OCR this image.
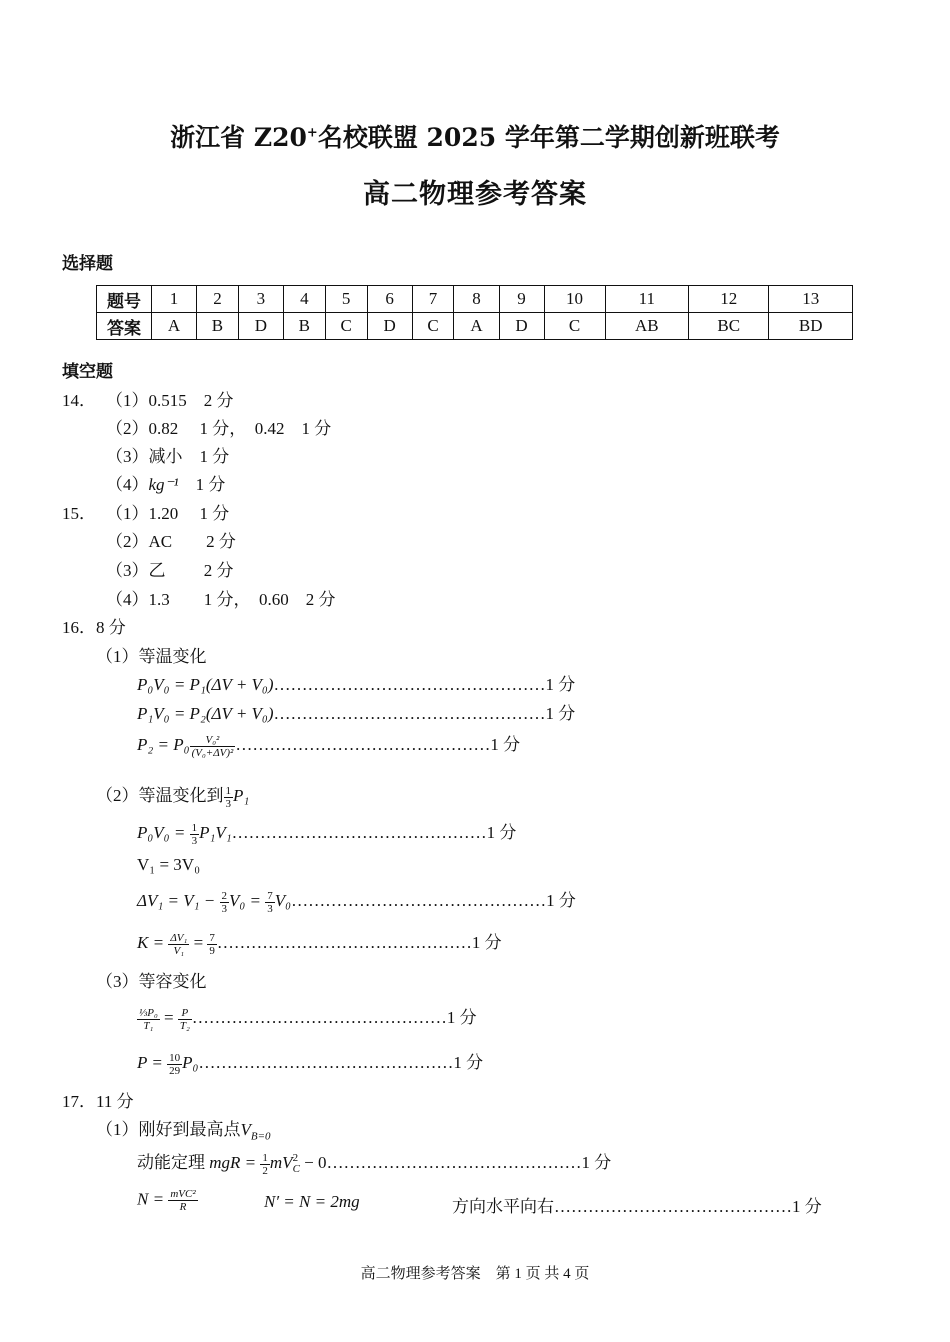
浙江省 Z20+名校联盟 2025 学年第二学期创新班联考
高二物理参考答案
选择题
题号	1	2	3	4	5	6	7	8	9	10	11	12	13
答案	A	B	D	B	C	D	C	A	D	C	AB	BC	BD
填空题
14． （1）0.515　2 分
（2）0.82　 1 分，　0.42　1 分
（3）减小　1 分
（4）kg⁻¹　1 分
15． （1）1.20　 1 分
（2）AC　　2 分
（3）乙　　 2 分
（4）1.3　　1 分，　0.60　2 分
16．8 分
（1）等温变化
P₀V₀ = P₁(ΔV + V₀)…………………………………………1 分
P₁V₀ = P₂(ΔV + V₀)…………………………………………1 分
$P_2 = P_0 \frac{\text{V₀²}}{\text{(V₀+ΔV)²}}$ ………………………………………1 分
（2）等温变化到 $\frac{1}{3} P_1$
$P_0V_0 = \frac{1}{3}$ P₁V₁………………………………………1 分
V₁ = 3V₀
$\Delta V_1 = V_1 - \frac{2}{3} V_0 = \frac{7}{3}$ V₀………………………………………1 分
$K = \frac{\text{ΔV₁}}{\text{V₁}} = \frac{7}{9}$ ………………………………………1 分
（3）等容变化
$\frac{\text{⅓P₀}}{\text{T₁}} = \frac{P}{\text{T₂}}$ ………………………………………1 分
$P = \frac{10}{29}$ P₀………………………………………1 分
17．11 分
（1）刚好到最高点$V_{B=0}$
动能定理 mgR = $\frac{1}{2}$ mV 2
C − 0………………………………………1 分
$N = \frac{\text{mVC²}}{R}$	N′ = N = 2mg	方向水平向右……………………………………1 分
高二物理参考答案　第 1 页 共 4 页
